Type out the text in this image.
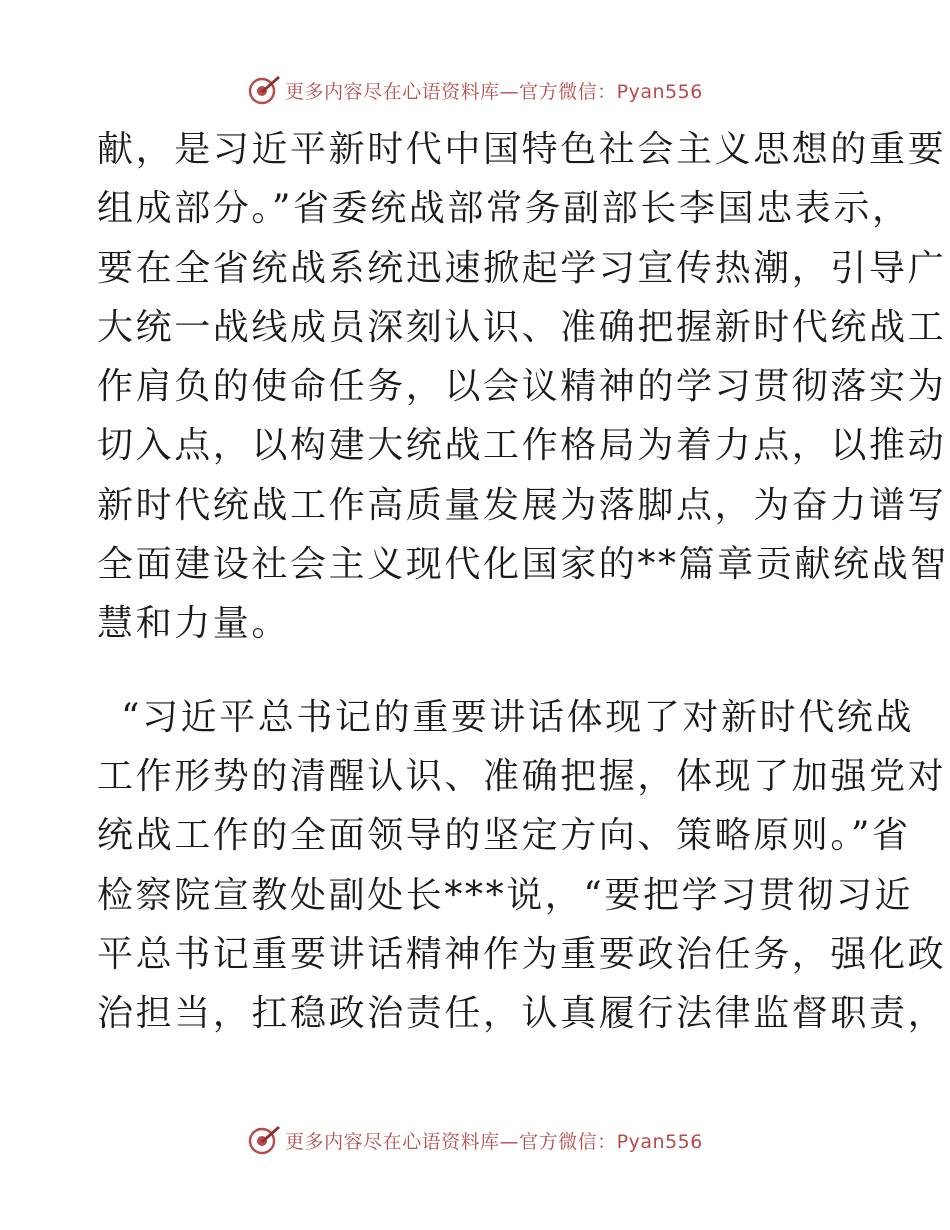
更多内容尽在心语资料库—官方微信：Pyan556
献，是习近平新时代中国特色社会主义思想的重要
组成部分。”省委统战部常务副部长李国忠表示，
要在全省统战系统迅速掀起学习宣传热潮，引导广
大统一战线成员深刻认识、准确把握新时代统战工
作肩负的使命任务，以会议精神的学习贯彻落实为
切入点，以构建大统战工作格局为着力点，以推动
新时代统战工作高质量发展为落脚点，为奋力谱写
全面建设社会主义现代化国家的**篇章贡献统战智
慧和力量。
“习近平总书记的重要讲话体现了对新时代统战
工作形势的清醒认识、准确把握，体现了加强党对
统战工作的全面领导的坚定方向、策略原则。”省
检察院宣教处副处长***说，“要把学习贯彻习近
平总书记重要讲话精神作为重要政治任务，强化政
治担当，扛稳政治责任，认真履行法律监督职责，
更多内容尽在心语资料库—官方微信：Pyan556
